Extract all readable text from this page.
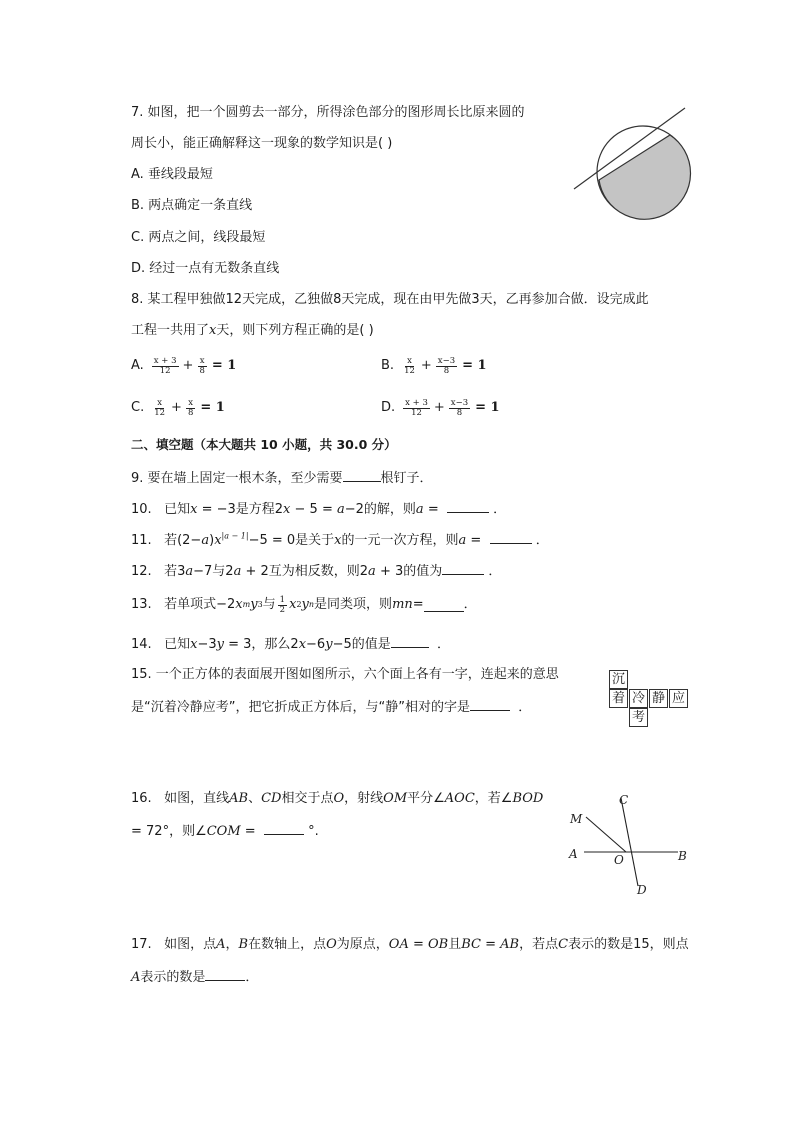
7. 如图，把一个圆剪去一部分，所得涂色部分的图形周长比原来圆的
周长小，能正确解释这一现象的数学知识是( )
A. 垂线段最短
B. 两点确定一条直线
C. 两点之间，线段最短
D. 经过一点有无数条直线
8. 某工程甲独做12天完成，乙独做8天完成，现在由甲先做3天，乙再参加合做．设完成此
工程一共用了x天，则下列方程正确的是( )
A. $\frac{x + 3}{12} + \frac{x}{8} = 1$	B. $\frac{x}{12} + \frac{x-3}{8} = 1$
C. $\frac{x}{12} + \frac{x}{8} = 1$	D. $\frac{x + 3}{12} + \frac{x-3}{8} = 1$
二、填空题（本大题共 10 小题，共 30.0 分）
9. 要在墙上固定一根木条，至少需要	根钉子．
10. 已知x = −3是方程2x − 5 = a−2的解，则a =	．
11. 若$(2-a)x^{|a - 1|}-5 = 0$是关于x的一元一次方程，则a =	．
12. 若3a−7与2a + 2互为相反数，则2a + 3的值为	．
13.
若单项式−2 x m y 3 与 $\frac{1}{2}$ x 2 y n 是同类项，则 mn =	．
14. 已知x−3y = 3，那么2x−6y−5的值是	．
15. 一个正方体的表面展开图如图所示，六个面上各有一字，连起来的意思
是“沉着冷静应考”，把它折成正方体后，与“静”相对的字是	．
沉
着 冷 静 应
考
16. 如图，直线AB、CD相交于点O，射线OM平分∠AOC，若∠BOD
= 72°，则∠COM =	°.
C
M
A	O	B
D
17. 如图，点A，B在数轴上，点O为原点，OA = OB且BC = AB，若点C表示的数是15，则点
A表示的数是	．
